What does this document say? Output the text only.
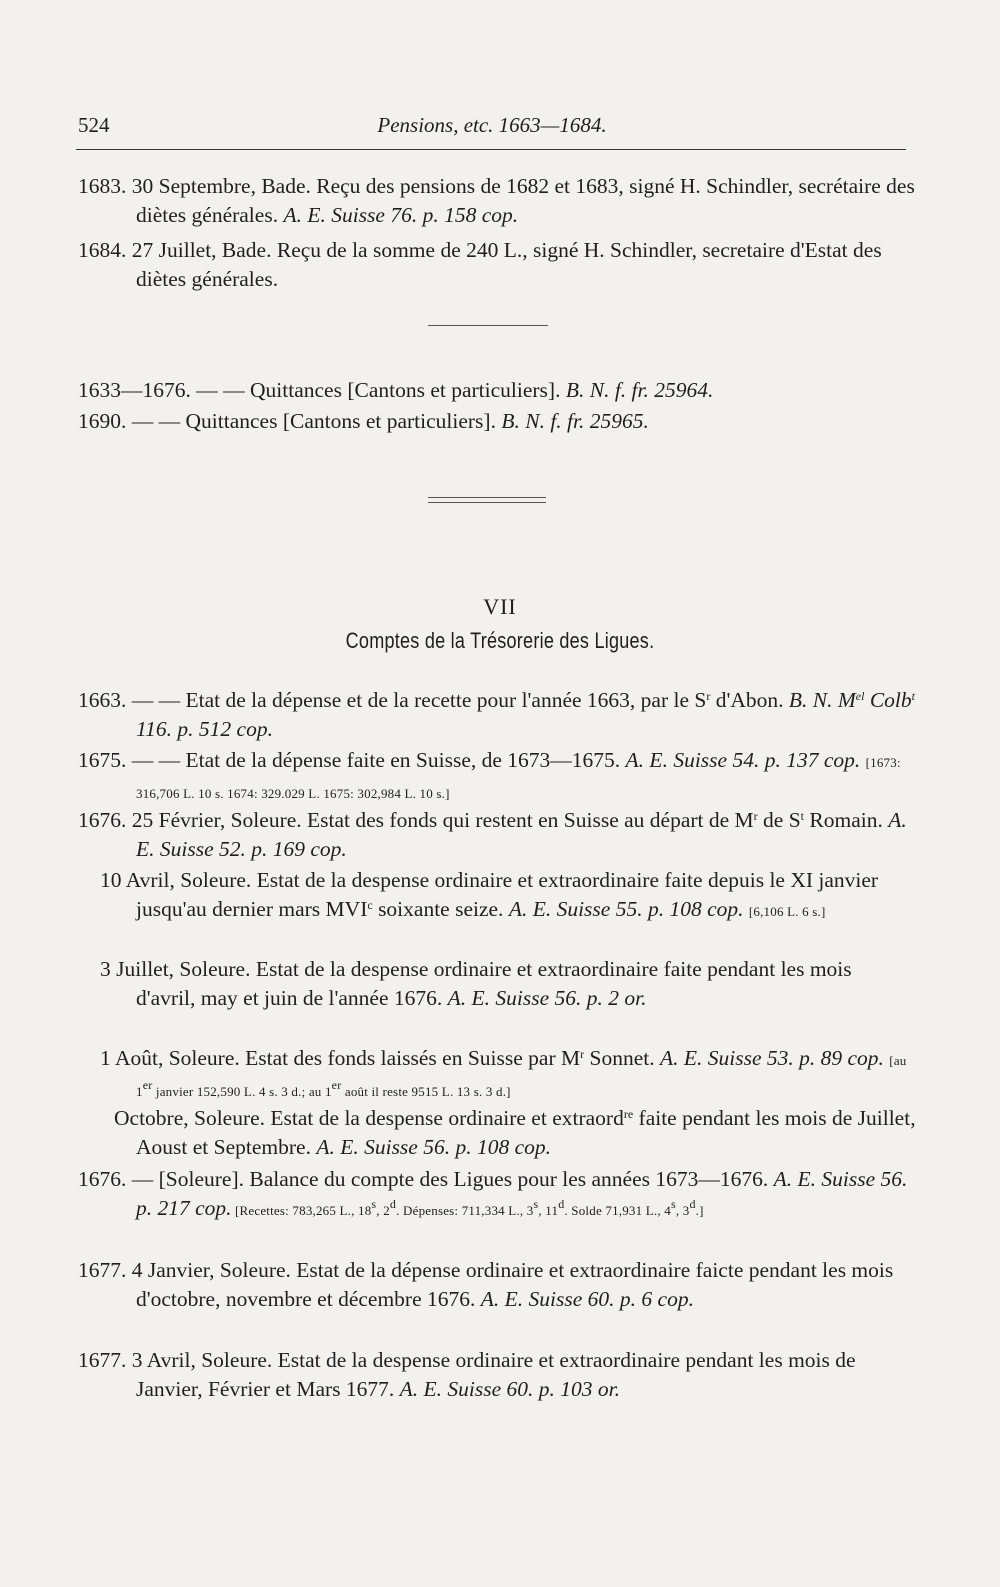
524	Pensions, etc. 1663—1684.
1683. 30 Septembre, Bade. Reçu des pensions de 1682 et 1683, signé H. Schindler, secrétaire des diètes générales. A. E. Suisse 76. p. 158 cop.
1684. 27 Juillet, Bade. Reçu de la somme de 240 L., signé H. Schindler, secretaire d'Estat des diètes générales.
1633—1676. — — Quittances [Cantons et particuliers]. B. N. f. fr. 25964.
1690. — — Quittances [Cantons et particuliers]. B. N. f. fr. 25965.
VII
Comptes de la Trésorerie des Ligues.
1663. — — Etat de la dépense et de la recette pour l'année 1663, par le $S^r$ d'Abon. B. N. $M^{el}$ Colb$^t$ 116. p. 512 cop.
1675. — — Etat de la dépense faite en Suisse, de 1673—1675. A. E. Suisse 54. p. 137 cop. [1673: 316,706 L. 10 s. 1674: 329.029 L. 1675: 302,984 L. 10 s.]
1676. 25 Février, Soleure. Estat des fonds qui restent en Suisse au départ de $M^r$ de $S^t$ Romain. A. E. Suisse 52. p. 169 cop.
10 Avril, Soleure. Estat de la despense ordinaire et extraordinaire faite depuis le XI janvier jusqu'au dernier mars MVI$^c$ soixante seize. A. E. Suisse 55. p. 108 cop. [6,106 L. 6 s.]
3 Juillet, Soleure. Estat de la despense ordinaire et extraordinaire faite pendant les mois d'avril, may et juin de l'année 1676. A. E. Suisse 56. p. 2 or.
1 Août, Soleure. Estat des fonds laissés en Suisse par $M^r$ Sonnet. A. E. Suisse 53. p. 89 cop. [au 1er janvier 152,590 L. 4 s. 3 d.; au 1er août il reste 9515 L. 13 s. 3 d.]
Octobre, Soleure. Estat de la despense ordinaire et extraord$^{re}$ faite pendant les mois de Juillet, Aoust et Septembre. A. E. Suisse 56. p. 108 cop.
1676. — [Soleure]. Balance du compte des Ligues pour les années 1673—1676. A. E. Suisse 56. p. 217 cop. [Recettes: 783,265 L., 18$^s$, 2$^d$. Dépenses: 711,334 L., 3$^s$, 11$^d$. Solde 71,931 L., 4$^s$, 3$^d$.]
1677. 4 Janvier, Soleure. Estat de la dépense ordinaire et extraordinaire faicte pendant les mois d'octobre, novembre et décembre 1676. A. E. Suisse 60. p. 6 cop.
1677. 3 Avril, Soleure. Estat de la despense ordinaire et extraordinaire pendant les mois de Janvier, Février et Mars 1677. A. E. Suisse 60. p. 103 or.
